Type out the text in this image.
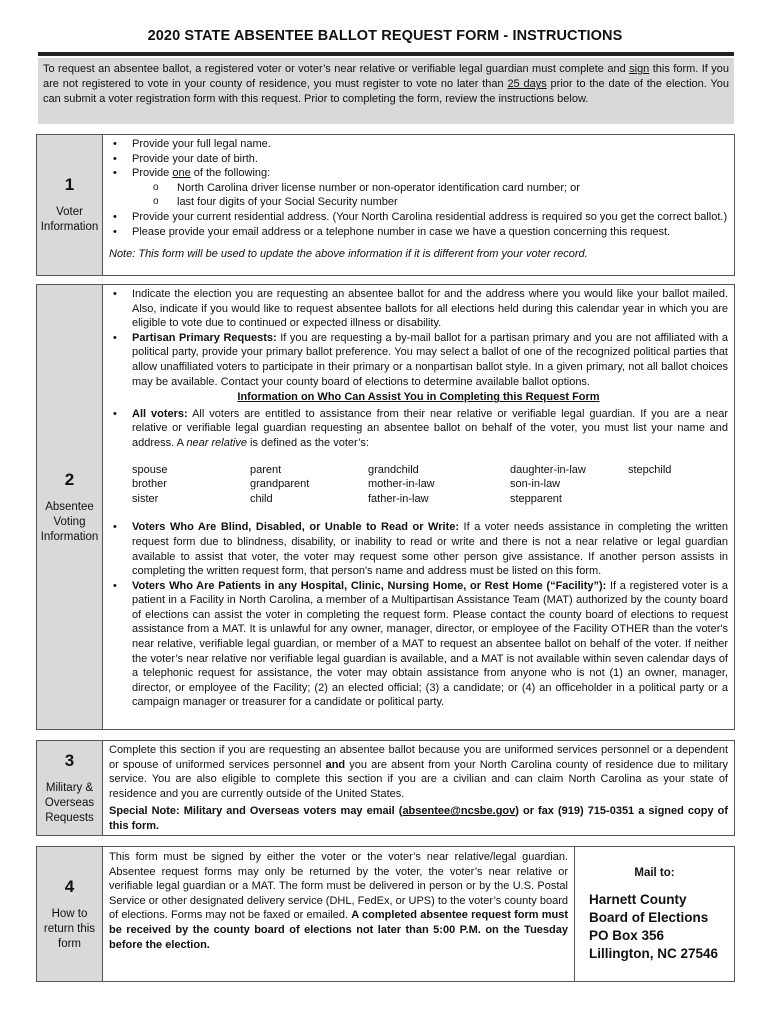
2020 STATE ABSENTEE BALLOT REQUEST FORM - INSTRUCTIONS
To request an absentee ballot, a registered voter or voter’s near relative or verifiable legal guardian must complete and sign this form. If you are not registered to vote in your county of residence, you must register to vote no later than 25 days prior to the date of the election. You can submit a voter registration form with this request. Prior to completing the form, review the instructions below.
1
Voter Information
• Provide your full legal name.
• Provide your date of birth.
• Provide one of the following:
o North Carolina driver license number or non-operator identification card number; or
o last four digits of your Social Security number
• Provide your current residential address. (Your North Carolina residential address is required so you get the correct ballot.)
• Please provide your email address or a telephone number in case we have a question concerning this request.
Note: This form will be used to update the above information if it is different from your voter record.
2
Absentee Voting Information
• Indicate the election you are requesting an absentee ballot for and the address where you would like your ballot mailed. Also, indicate if you would like to request absentee ballots for all elections held during this calendar year in which you are eligible to vote due to continued or expected illness or disability.
• Partisan Primary Requests: If you are requesting a by-mail ballot for a partisan primary and you are not affiliated with a political party, provide your primary ballot preference. You may select a ballot of one of the recognized political parties that allow unaffiliated voters to participate in their primary or a nonpartisan ballot style. In a given primary, not all ballot choices may be available. Contact your county board of elections to determine available ballot options.
Information on Who Can Assist You in Completing this Request Form
• All voters: All voters are entitled to assistance from their near relative or verifiable legal guardian. If you are a near relative or verifiable legal guardian requesting an absentee ballot on behalf of the voter, you must list your name and address. A near relative is defined as the voter’s:
spouse	parent	grandchild	daughter-in-law	stepchild
brother	grandparent	mother-in-law	son-in-law
sister	child	father-in-law	stepparent
• Voters Who Are Blind, Disabled, or Unable to Read or Write: If a voter needs assistance in completing the written request form due to blindness, disability, or inability to read or write and there is not a near relative or legal guardian available to assist that voter, the voter may request some other person give assistance. If another person assists in completing the written request form, that person's name and address must be listed on this form.
• Voters Who Are Patients in any Hospital, Clinic, Nursing Home, or Rest Home (“Facility”): If a registered voter is a patient in a Facility in North Carolina, a member of a Multipartisan Assistance Team (MAT) authorized by the county board of elections can assist the voter in completing the request form. Please contact the county board of elections to request assistance from a MAT. It is unlawful for any owner, manager, director, or employee of the Facility OTHER than the voter's near relative, verifiable legal guardian, or member of a MAT to request an absentee ballot on behalf of the voter. If neither the voter’s near relative nor verifiable legal guardian is available, and a MAT is not available within seven calendar days of a telephonic request for assistance, the voter may obtain assistance from anyone who is not (1) an owner, manager, director, or employee of the Facility; (2) an elected official; (3) a candidate; or (4) an officeholder in a political party or a campaign manager or treasurer for a candidate or political party.
3
Military & Overseas Requests
Complete this section if you are requesting an absentee ballot because you are uniformed services personnel or a dependent or spouse of uniformed services personnel and you are absent from your North Carolina county of residence due to military service. You are also eligible to complete this section if you are a civilian and can claim North Carolina as your state of residence and you are currently outside of the United States.
Special Note: Military and Overseas voters may email (absentee@ncsbe.gov) or fax (919) 715-0351 a signed copy of this form.
4
How to return this form
This form must be signed by either the voter or the voter’s near relative/legal guardian. Absentee request forms may only be returned by the voter, the voter’s near relative or verifiable legal guardian or a MAT. The form must be delivered in person or by the U.S. Postal Service or other designated delivery service (DHL, FedEx, or UPS) to the voter’s county board of elections. Forms may not be faxed or emailed. A completed absentee request form must be received by the county board of elections not later than 5:00 P.M. on the Tuesday before the election.
Mail to:
Harnett County
Board of Elections
PO Box 356
Lillington, NC 27546
